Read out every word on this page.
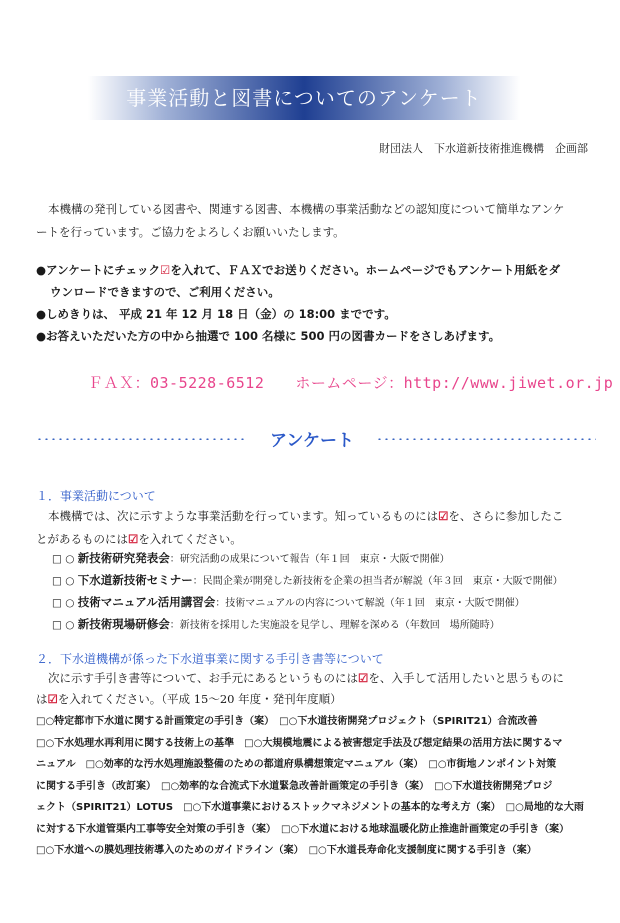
事業活動と図書についてのアンケート
財団法人　下水道新技術推進機構　企画部
本機構の発刊している図書や、関連する図書、本機構の事業活動などの認知度について簡単なアンケ
ートを行っています。ご協力をよろしくお願いいたします。
●アンケートにチェック☑を入れて、ＦＡＸでお送りください。ホームページでもアンケート用紙をダ
ウンロードできますので、ご利用ください。
●しめきりは、 平成 21 年 12 月 18 日（金）の 18:00 までです。
●お答えいただいた方の中から抽選で 100 名様に 500 円の図書カードをさしあげます。
ＦＡＸ：03-5228-6512　　ホームページ：http://www.jiwet.or.jp
アンケート
１．事業活動について
本機構では、次に示すような事業活動を行っています。知っているものには☑を、さらに参加したこ
とがあるものには☑を入れてください。
□ ○ 新技術研究発表会：研究活動の成果について報告（年１回　東京・大阪で開催）
□ ○ 下水道新技術セミナー：民間企業が開発した新技術を企業の担当者が解説（年３回　東京・大阪で開催）
□ ○ 技術マニュアル活用講習会：技術マニュアルの内容について解説（年１回　東京・大阪で開催）
□ ○ 新技術現場研修会：新技術を採用した実施設を見学し、理解を深める（年数回　場所随時）
２．下水道機構が係った下水道事業に関する手引き書等について
次に示す手引き書等について、お手元にあるというものには☑を、入手して活用したいと思うものに
は☑を入れてください。（平成 15～20 年度・発刊年度順）
□○特定都市下水道に関する計画策定の手引き（案）　□○下水道技術開発プロジェクト（SPIRIT21）合流改善
□○下水処理水再利用に関する技術上の基準　□○大規模地震による被害想定手法及び想定結果の活用方法に関するマ
ニュアル　□○効率的な汚水処理施設整備のための都道府県構想策定マニュアル（案）　□○市街地ノンポイント対策
に関する手引き（改訂案）　□○効率的な合流式下水道緊急改善計画策定の手引き（案）　□○下水道技術開発プロジ
ェクト（SPIRIT21）LOTUS　□○下水道事業におけるストックマネジメントの基本的な考え方（案）　□○局地的な大雨
に対する下水道管渠内工事等安全対策の手引き（案）　□○下水道における地球温暖化防止推進計画策定の手引き（案）
□○下水道への膜処理技術導入のためのガイドライン（案）　□○下水道長寿命化支援制度に関する手引き（案）
